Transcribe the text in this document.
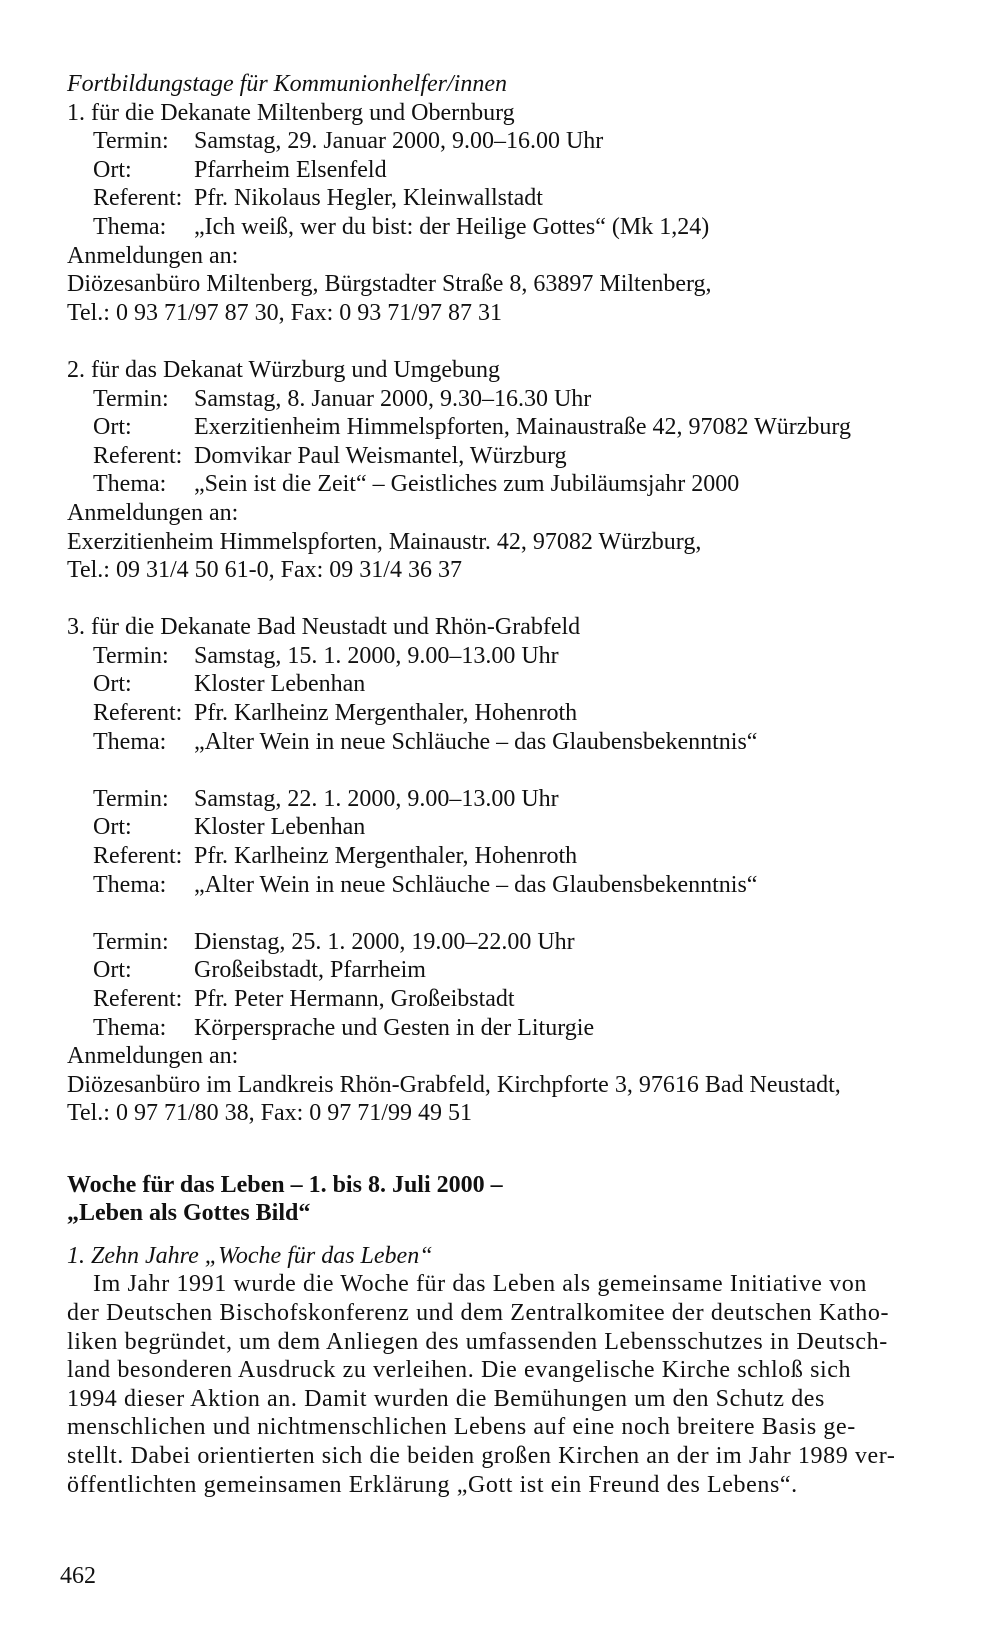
Fortbildungstage für Kommunionhelfer/innen
1. für die Dekanate Miltenberg und Obernburg
Termin:	Samstag, 29. Januar 2000, 9.00–16.00 Uhr
Ort:	Pfarrheim Elsenfeld
Referent: Pfr. Nikolaus Hegler, Kleinwallstadt
Thema:	„Ich weiß, wer du bist: der Heilige Gottes“ (Mk 1,24)
Anmeldungen an:
Diözesanbüro Miltenberg, Bürgstadter Straße 8, 63897 Miltenberg,
Tel.: 0 93 71/97 87 30, Fax: 0 93 71/97 87 31
2. für das Dekanat Würzburg und Umgebung
Termin:	Samstag, 8. Januar 2000, 9.30–16.30 Uhr
Ort:	Exerzitienheim Himmelspforten, Mainaustraße 42, 97082 Würzburg
Referent: Domvikar Paul Weismantel, Würzburg
Thema:	„Sein ist die Zeit“ – Geistliches zum Jubiläumsjahr 2000
Anmeldungen an:
Exerzitienheim Himmelspforten, Mainaustr. 42, 97082 Würzburg,
Tel.: 09 31/4 50 61-0, Fax: 09 31/4 36 37
3. für die Dekanate Bad Neustadt und Rhön-Grabfeld
Termin:	Samstag, 15. 1. 2000, 9.00–13.00 Uhr
Ort:	Kloster Lebenhan
Referent: Pfr. Karlheinz Mergenthaler, Hohenroth
Thema:	„Alter Wein in neue Schläuche – das Glaubensbekenntnis“
Termin:	Samstag, 22. 1. 2000, 9.00–13.00 Uhr
Ort:	Kloster Lebenhan
Referent: Pfr. Karlheinz Mergenthaler, Hohenroth
Thema:	„Alter Wein in neue Schläuche – das Glaubensbekenntnis“
Termin:	Dienstag, 25. 1. 2000, 19.00–22.00 Uhr
Ort:	Großeibstadt, Pfarrheim
Referent: Pfr. Peter Hermann, Großeibstadt
Thema:	Körpersprache und Gesten in der Liturgie
Anmeldungen an:
Diözesanbüro im Landkreis Rhön-Grabfeld, Kirchpforte 3, 97616 Bad Neustadt,
Tel.: 0 97 71/80 38, Fax: 0 97 71/99 49 51
Woche für das Leben – 1. bis 8. Juli 2000 –
„Leben als Gottes Bild“
1. Zehn Jahre „Woche für das Leben“
Im Jahr 1991 wurde die Woche für das Leben als gemeinsame Initiative von
der Deutschen Bischofskonferenz und dem Zentralkomitee der deutschen Katho-
liken begründet, um dem Anliegen des umfassenden Lebensschutzes in Deutsch-
land besonderen Ausdruck zu verleihen. Die evangelische Kirche schloß sich
1994 dieser Aktion an. Damit wurden die Bemühungen um den Schutz des
menschlichen und nichtmenschlichen Lebens auf eine noch breitere Basis ge-
stellt. Dabei orientierten sich die beiden großen Kirchen an der im Jahr 1989 ver-
öffentlichten gemeinsamen Erklärung „Gott ist ein Freund des Lebens“.
462
